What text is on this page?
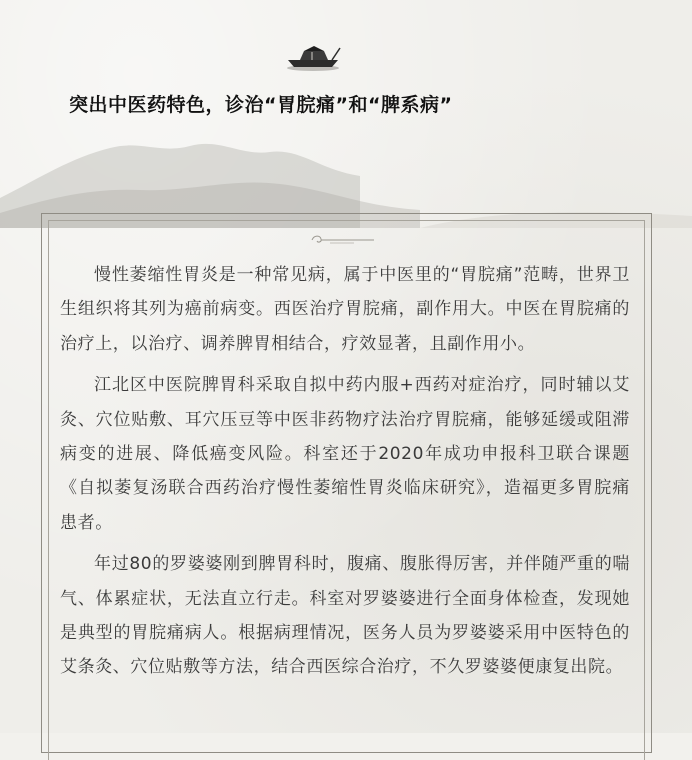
突出中医药特色，诊治“胃脘痛”和“脾系病”

慢性萎缩性胃炎是一种常见病，属于中医里的“胃脘痛”范畴，世界卫生组织将其列为癌前病变。西医治疗胃脘痛，副作用大。中医在胃脘痛的治疗上，以治疗、调养脾胃相结合，疗效显著，且副作用小。

江北区中医院脾胃科采取自拟中药内服+西药对症治疗，同时辅以艾灸、穴位贴敷、耳穴压豆等中医非药物疗法治疗胃脘痛，能够延缓或阻滞病变的进展、降低癌变风险。科室还于2020年成功申报科卫联合课题《自拟萎复汤联合西药治疗慢性萎缩性胃炎临床研究》，造福更多胃脘痛患者。

年过80的罗婆婆刚到脾胃科时，腹痛、腹胀得厉害，并伴随严重的喘气、体累症状，无法直立行走。科室对罗婆婆进行全面身体检查，发现她是典型的胃脘痛病人。根据病理情况，医务人员为罗婆婆采用中医特色的艾条灸、穴位贴敷等方法，结合西医综合治疗，不久罗婆婆便康复出院。
